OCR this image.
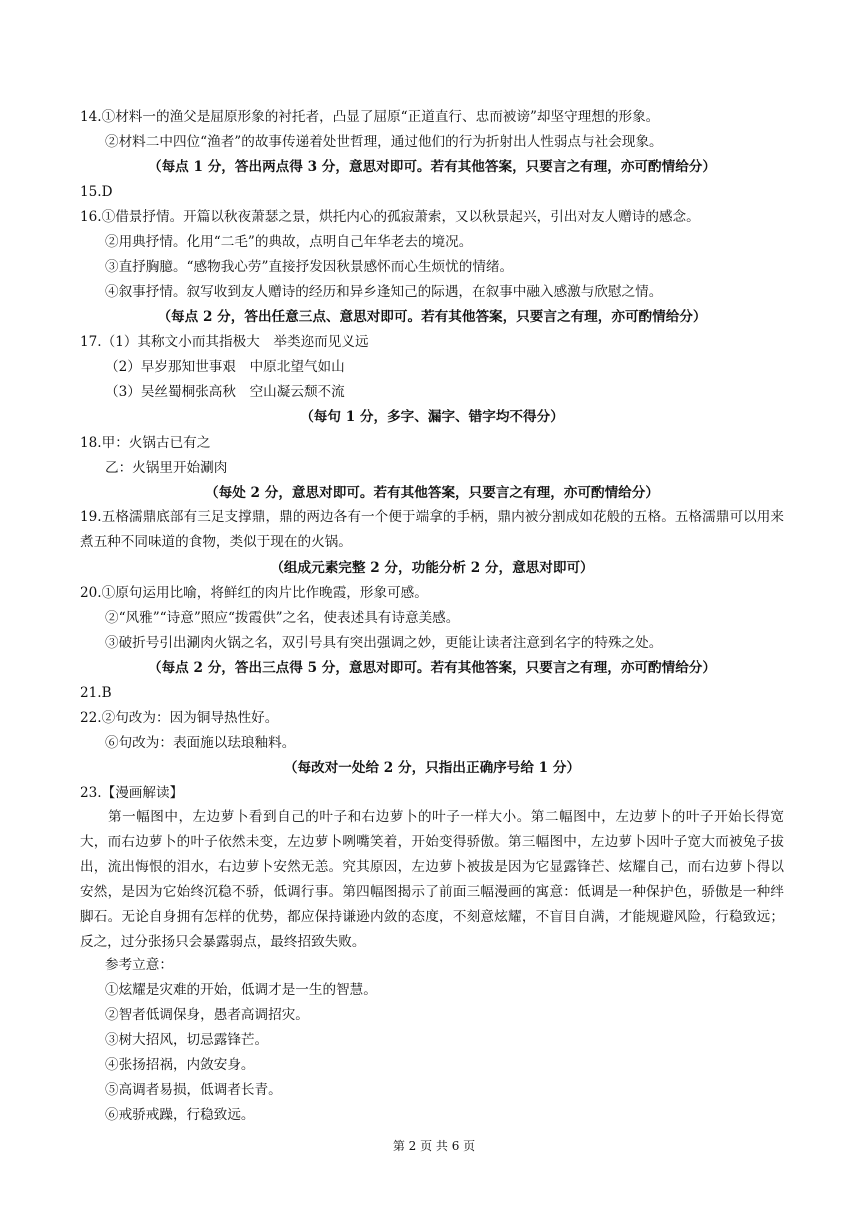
14.①材料一的渔父是屈原形象的衬托者，凸显了屈原“正道直行、忠而被谤”却坚守理想的形象。
②材料二中四位“渔者”的故事传递着处世哲理，通过他们的行为折射出人性弱点与社会现象。
（每点 1 分，答出两点得 3 分，意思对即可。若有其他答案，只要言之有理，亦可酌情给分）
15.D
16.①借景抒情。开篇以秋夜萧瑟之景，烘托内心的孤寂萧索，又以秋景起兴，引出对友人赠诗的感念。
②用典抒情。化用“二毛”的典故，点明自己年华老去的境况。
③直抒胸臆。“感物我心劳”直接抒发因秋景感怀而心生烦忧的情绪。
④叙事抒情。叙写收到友人赠诗的经历和异乡逢知己的际遇，在叙事中融入感激与欣慰之情。
（每点 2 分，答出任意三点、意思对即可。若有其他答案，只要言之有理，亦可酌情给分）
17.（1）其称文小而其指极大　举类迩而见义远
（2）早岁那知世事艰　中原北望气如山
（3）吴丝蜀桐张高秋　空山凝云颓不流
（每句 1 分，多字、漏字、错字均不得分）
18.甲：火锅古已有之
乙：火锅里开始涮肉
（每处 2 分，意思对即可。若有其他答案，只要言之有理，亦可酌情给分）
19.五格濡鼎底部有三足支撑鼎，鼎的两边各有一个便于端拿的手柄，鼎内被分割成如花般的五格。五格濡鼎可以用来煮五种不同味道的食物，类似于现在的火锅。
（组成元素完整 2 分，功能分析 2 分，意思对即可）
20.①原句运用比喻，将鲜红的肉片比作晚霞，形象可感。
②“风雅”“诗意”照应“拨霞供”之名，使表述具有诗意美感。
③破折号引出涮肉火锅之名，双引号具有突出强调之妙，更能让读者注意到名字的特殊之处。
（每点 2 分，答出三点得 5 分，意思对即可。若有其他答案，只要言之有理，亦可酌情给分）
21.B
22.②句改为：因为铜导热性好。
⑥句改为：表面施以珐琅釉料。
（每改对一处给 2 分，只指出正确序号给 1 分）
23.【漫画解读】
第一幅图中，左边萝卜看到自己的叶子和右边萝卜的叶子一样大小。第二幅图中，左边萝卜的叶子开始长得宽大，而右边萝卜的叶子依然未变，左边萝卜咧嘴笑着，开始变得骄傲。第三幅图中，左边萝卜因叶子宽大而被兔子拔出，流出悔恨的泪水，右边萝卜安然无恙。究其原因，左边萝卜被拔是因为它显露锋芒、炫耀自己，而右边萝卜得以安然，是因为它始终沉稳不骄，低调行事。第四幅图揭示了前面三幅漫画的寓意：低调是一种保护色，骄傲是一种绊脚石。无论自身拥有怎样的优势，都应保持谦逊内敛的态度，不刻意炫耀，不盲目自满，才能规避风险，行稳致远；反之，过分张扬只会暴露弱点，最终招致失败。
参考立意：
①炫耀是灾难的开始，低调才是一生的智慧。
②智者低调保身，愚者高调招灾。
③树大招风，切忌露锋芒。
④张扬招祸，内敛安身。
⑤高调者易损，低调者长青。
⑥戒骄戒躁，行稳致远。
第 2 页 共 6 页
